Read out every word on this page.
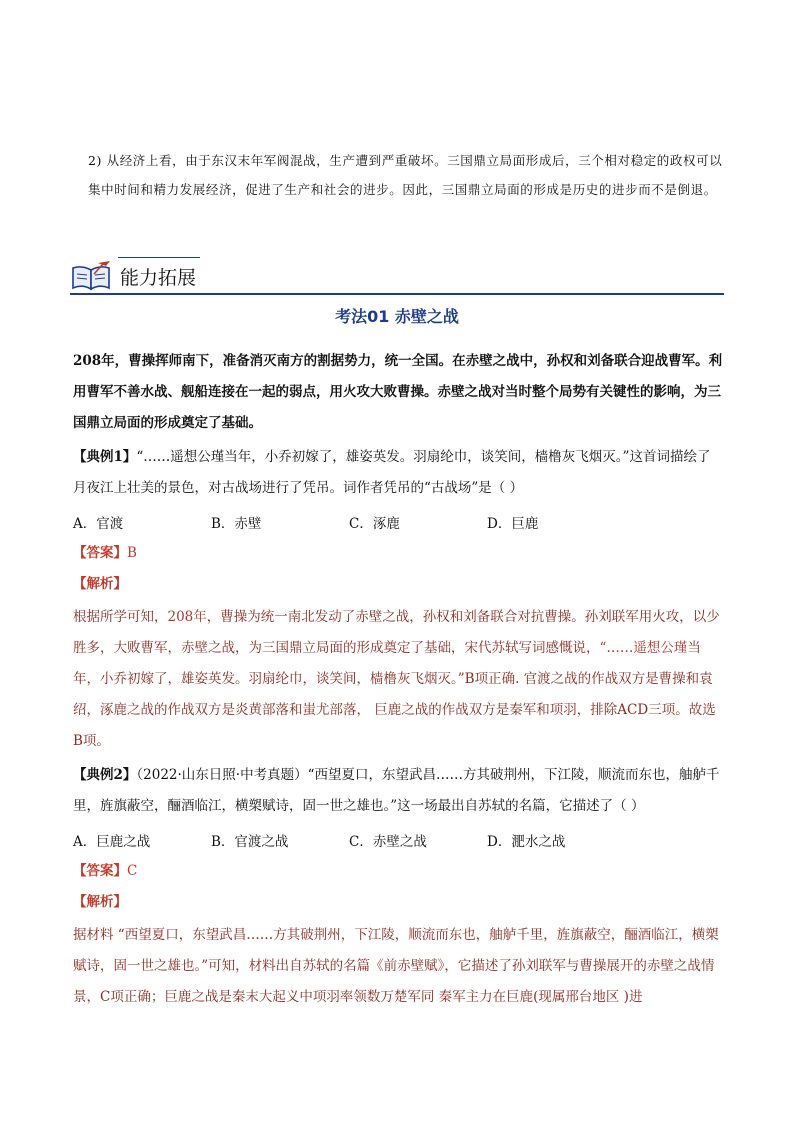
2) 从经济上看，由于东汉末年军阀混战，生产遭到严重破坏。三国鼎立局面形成后，三个相对稳定的政权可以集中时间和精力发展经济，促进了生产和社会的进步。因此，三国鼎立局面的形成是历史的进步而不是倒退。
能力拓展
考法01 赤壁之战
208年，曹操挥师南下，准备消灭南方的割据势力，统一全国。在赤壁之战中，孙权和刘备联合迎战曹军。利用曹军不善水战、舰船连接在一起的弱点，用火攻大败曹操。赤壁之战对当时整个局势有关键性的影响，为三国鼎立局面的形成奠定了基础。
【典例1】“……遥想公瑾当年，小乔初嫁了，雄姿英发。羽扇纶巾，谈笑间，樯橹灰飞烟灭。”这首词描绘了月夜江上壮美的景色，对古战场进行了凭吊。词作者凭吊的“古战场”是（ ）
A．官渡	B．赤壁	C．涿鹿	D．巨鹿
【答案】B
【解析】
根据所学可知，208年，曹操为统一南北发动了赤壁之战，孙权和刘备联合对抗曹操。孙刘联军用火攻，以少胜多，大败曹军，赤壁之战，为三国鼎立局面的形成奠定了基础，宋代苏轼写词感慨说，“……遥想公瑾当年，小乔初嫁了，雄姿英发。羽扇纶巾，谈笑间，樯橹灰飞烟灭。”B项正确. 官渡之战的作战双方是曹操和袁绍，涿鹿之战的作战双方是炎黄部落和蚩尤部落， 巨鹿之战的作战双方是秦军和项羽，排除ACD三项。故选B项。
【典例2】（2022·山东日照·中考真题）“西望夏口，东望武昌……方其破荆州，下江陵，顺流而东也，舳舻千里，旌旗蔽空，酾酒临江，横槊赋诗，固一世之雄也。”这一场最出自苏轼的名篇，它描述了（ ）
A．巨鹿之战	B．官渡之战	C．赤壁之战	D．淝水之战
【答案】C
【解析】
据材料 “西望夏口，东望武昌……方其破荆州，下江陵，顺流而东也，舳舻千里，旌旗蔽空，酾酒临江，横槊赋诗，固一世之雄也。”可知，材料出自苏轼的名篇《前赤壁赋》，它描述了孙刘联军与曹操展开的赤壁之战情景，C项正确；巨鹿之战是秦末大起义中项羽率领数万楚军同 秦军主力在巨鹿(现属邢台地区 )进
